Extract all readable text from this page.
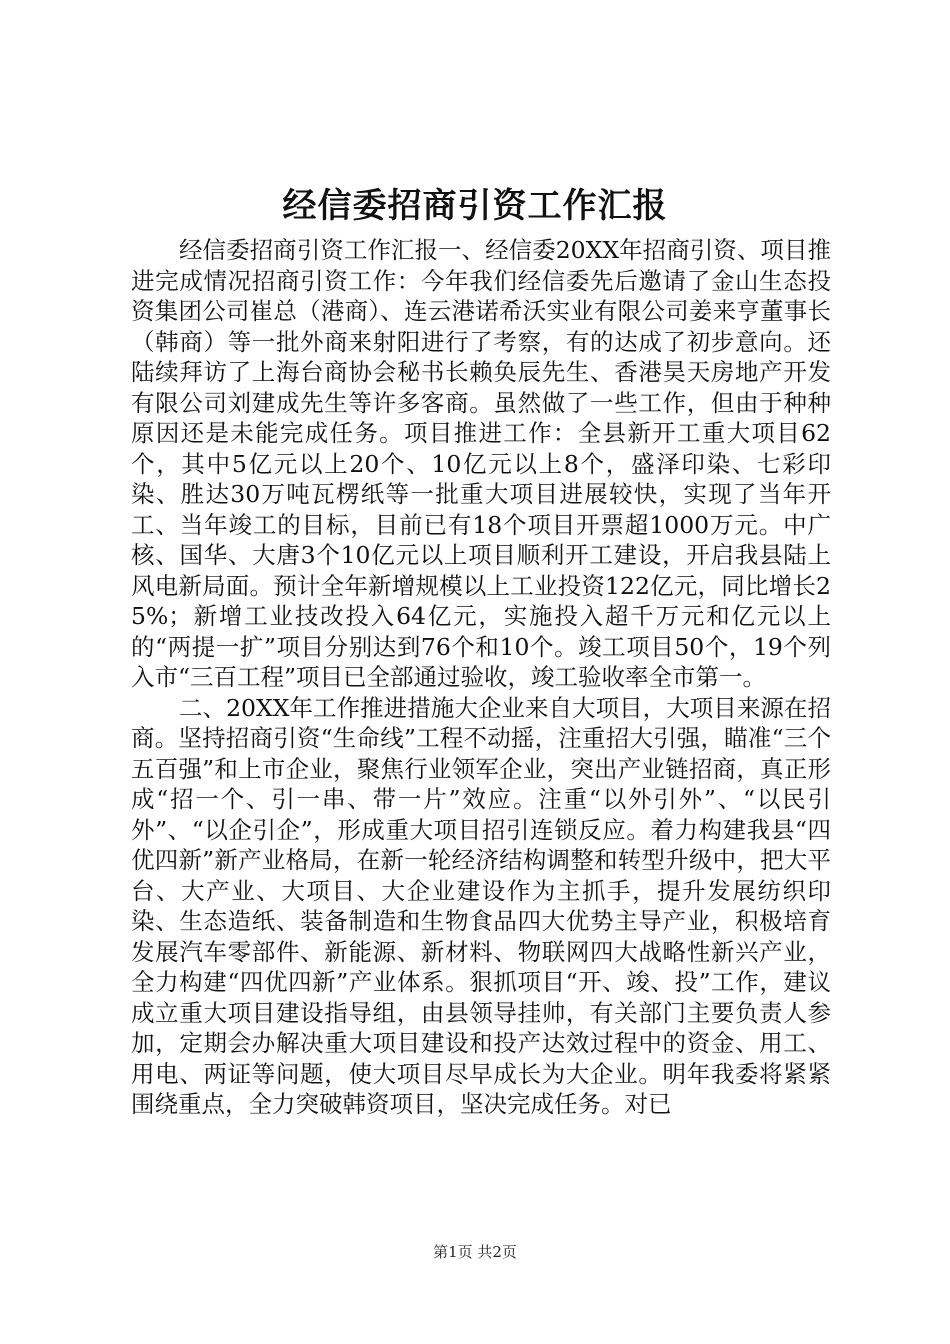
经信委招商引资工作汇报

经信委招商引资工作汇报一、经信委20XX年招商引资、项目推进完成情况招商引资工作：今年我们经信委先后邀请了金山生态投资集团公司崔总（港商）、连云港诺希沃实业有限公司姜来亨董事长（韩商）等一批外商来射阳进行了考察，有的达成了初步意向。还陆续拜访了上海台商协会秘书长赖奂辰先生、香港昊天房地产开发有限公司刘建成先生等许多客商。虽然做了一些工作，但由于种种原因还是未能完成任务。项目推进工作：全县新开工重大项目62个，其中5亿元以上20个、10亿元以上8个，盛泽印染、七彩印染、胜达30万吨瓦楞纸等一批重大项目进展较快，实现了当年开工、当年竣工的目标，目前已有18个项目开票超1000万元。中广核、国华、大唐3个10亿元以上项目顺利开工建设，开启我县陆上风电新局面。预计全年新增规模以上工业投资122亿元，同比增长25%；新增工业技改投入64亿元，实施投入超千万元和亿元以上的“两提一扩”项目分别达到76个和10个。竣工项目50个，19个列入市“三百工程”项目已全部通过验收，竣工验收率全市第一。

二、20XX年工作推进措施大企业来自大项目，大项目来源在招商。坚持招商引资“生命线”工程不动摇，注重招大引强，瞄准“三个五百强”和上市企业，聚焦行业领军企业，突出产业链招商，真正形成“招一个、引一串、带一片”效应。注重“以外引外”、“以民引外”、“以企引企”，形成重大项目招引连锁反应。着力构建我县“四优四新”新产业格局，在新一轮经济结构调整和转型升级中，把大平台、大产业、大项目、大企业建设作为主抓手，提升发展纺织印染、生态造纸、装备制造和生物食品四大优势主导产业，积极培育发展汽车零部件、新能源、新材料、物联网四大战略性新兴产业，全力构建“四优四新”产业体系。狠抓项目“开、竣、投”工作，建议成立重大项目建设指导组，由县领导挂帅，有关部门主要负责人参加，定期会办解决重大项目建设和投产达效过程中的资金、用工、用电、两证等问题，使大项目尽早成长为大企业。明年我委将紧紧围绕重点，全力突破韩资项目，坚决完成任务。对已

第1页 共2页
